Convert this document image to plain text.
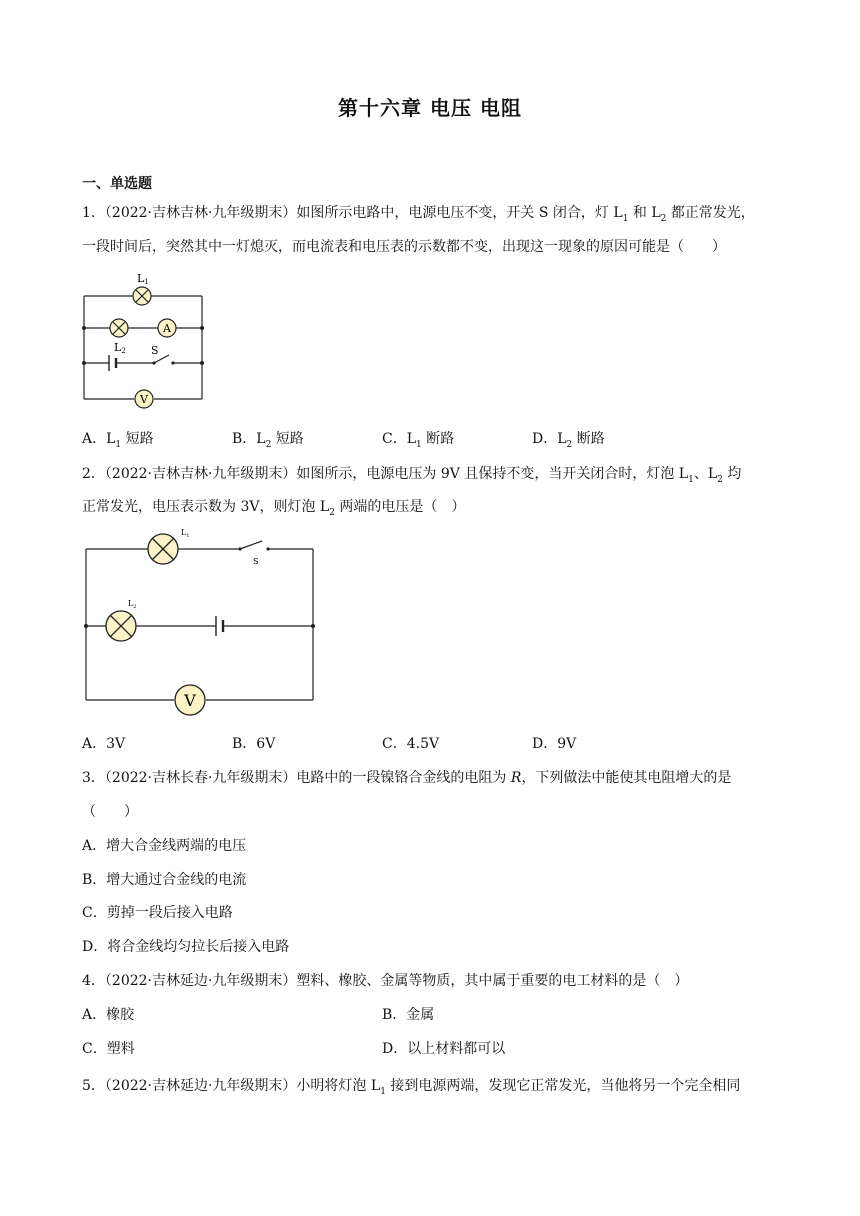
第十六章 电压 电阻
一、单选题
1．（2022·吉林吉林·九年级期末）如图所示电路中，电源电压不变，开关 S 闭合，灯 $L_1$ 和 $L_2$ 都正常发光，
一段时间后，突然其中一灯熄灭，而电流表和电压表的示数都不变，出现这一现象的原因可能是（　　）
L1
A
L2 S
V
A．$L_1$ 短路	B．$L_2$ 短路	C．$L_1$ 断路	D．$L_2$ 断路
2．（2022·吉林吉林·九年级期末）如图所示，电源电压为 9V 且保持不变，当开关闭合时，灯泡 $L_1$、$L_2$ 均
正常发光，电压表示数为 3V，则灯泡 $L_2$ 两端的电压是（　）
$L_1$
S
$L_2$
V
A．3V	B．6V	C．4.5V	D．9V
3．（2022·吉林长春·九年级期末）电路中的一段镍铬合金线的电阻为 R，下列做法中能使其电阻增大的是
（　　）
A．增大合金线两端的电压
B．增大通过合金线的电流
C．剪掉一段后接入电路
D．将合金线均匀拉长后接入电路
4．（2022·吉林延边·九年级期末）塑料、橡胶、金属等物质，其中属于重要的电工材料的是（　）
A．橡胶	B．金属
C．塑料	D．以上材料都可以
5．（2022·吉林延边·九年级期末）小明将灯泡 $L_1$ 接到电源两端，发现它正常发光，当他将另一个完全相同
